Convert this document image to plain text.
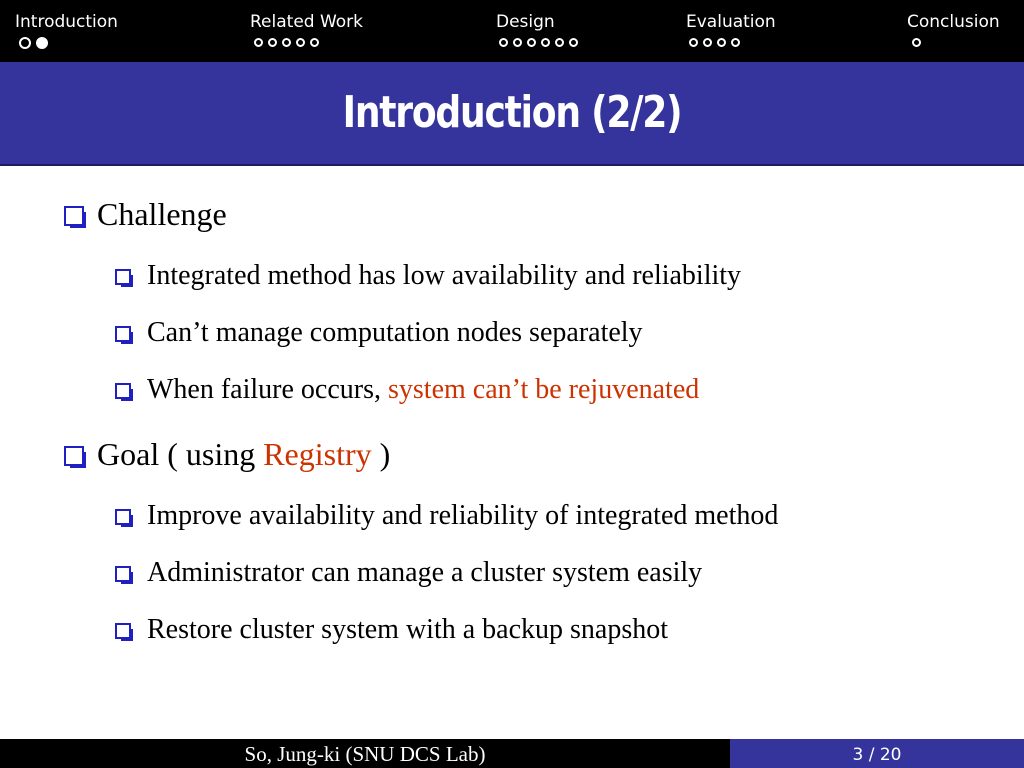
Introduction	Related Work	Design	Evaluation	Conclusion
Introduction (2/2)
Challenge
Integrated method has low availability and reliability
Can’t manage computation nodes separately
When failure occurs, system can’t be rejuvenated
Goal ( using Registry )
Improve availability and reliability of integrated method
Administrator can manage a cluster system easily
Restore cluster system with a backup snapshot
So, Jung-ki (SNU DCS Lab)	3 / 20
